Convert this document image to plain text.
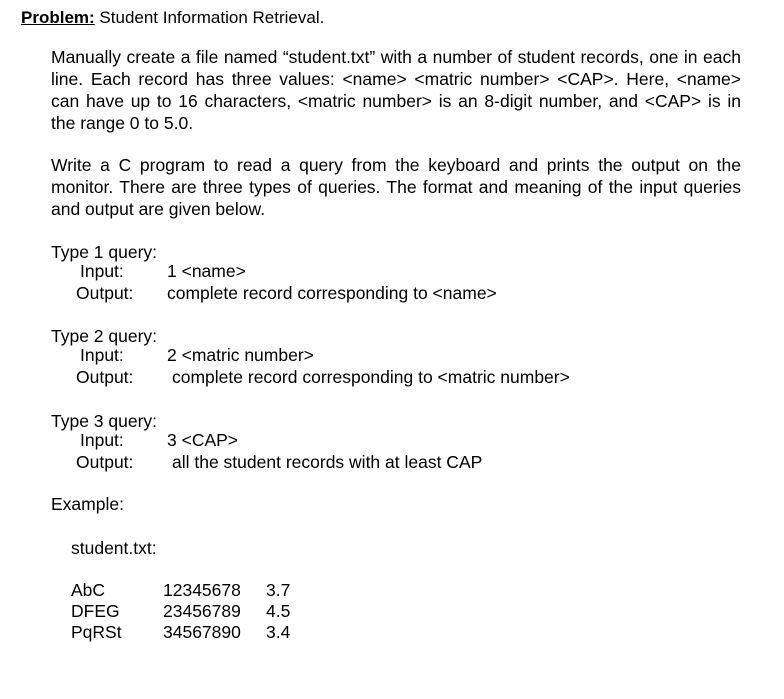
Problem: Student Information Retrieval.
Manually create a file named “student.txt” with a number of student records, one in each line. Each record has three values: <name> <matric number> <CAP>. Here, <name> can have up to 16 characters, <matric number> is an 8-digit number, and <CAP> is in the range 0 to 5.0.
Write a C program to read a query from the keyboard and prints the output on the monitor. There are three types of queries. The format and meaning of the input queries and output are given below.
Type 1 query:
Input: 1 <name>
Output: complete record corresponding to <name>
Type 2 query:
Input: 2 <matric number>
Output: complete record corresponding to <matric number>
Type 3 query:
Input: 3 <CAP>
Output: all the student records with at least CAP
Example:
student.txt:
AbC	12345678 3.7
DFEG 23456789 4.5
PqRSt 34567890 3.4
